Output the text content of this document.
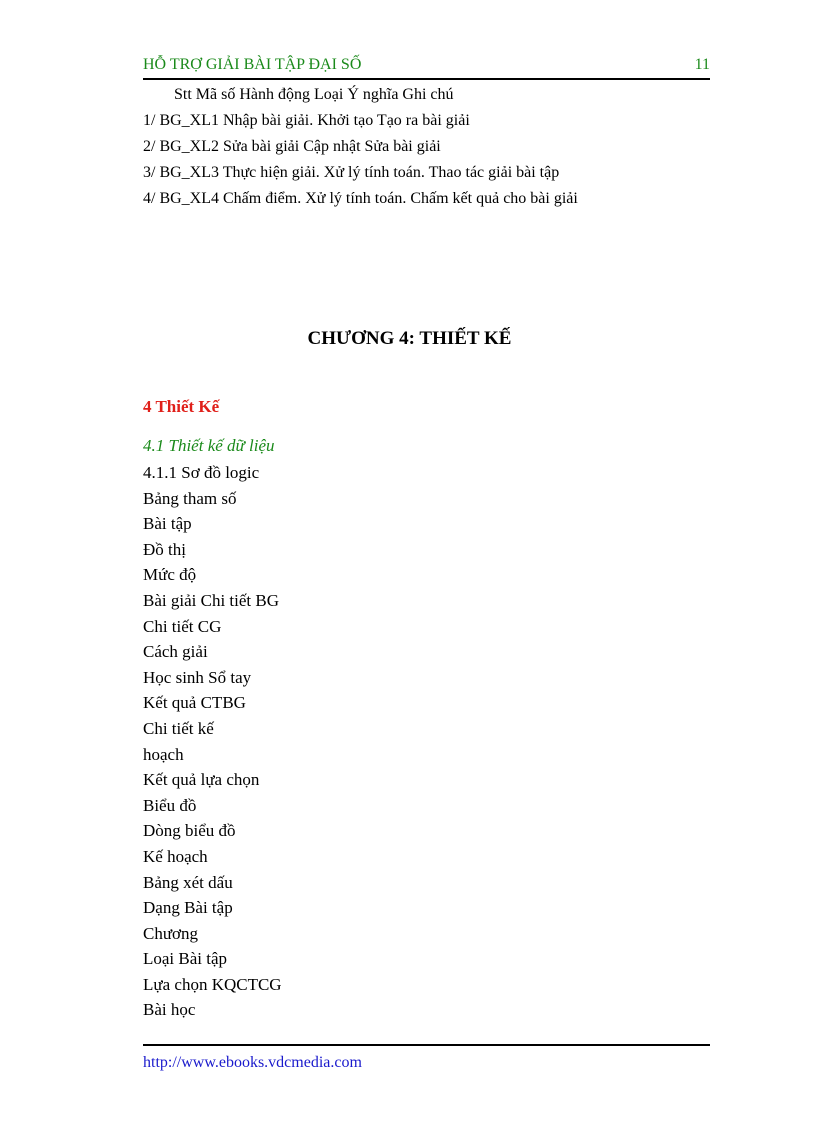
HỖ TRỢ GIẢI BÀI TẬP ĐẠI SỐ	11
Stt Mã số Hành động Loại Ý nghĩa Ghi chú
1/ BG_XL1 Nhập bài giải. Khởi tạo Tạo ra bài giải
2/ BG_XL2 Sửa bài giải Cập nhật Sửa bài giải
3/ BG_XL3 Thực hiện giải. Xử lý tính toán. Thao tác giải bài tập
4/ BG_XL4 Chấm điểm. Xử lý tính toán. Chấm kết quả cho bài giải
CHƯƠNG 4: THIẾT KẾ
4 Thiết Kế
4.1 Thiết kế dữ liệu
4.1.1 Sơ đồ logic
Bảng tham số
Bài tập
Đồ thị
Mức độ
Bài giải Chi tiết BG
Chi tiết CG
Cách giải
Học sinh Sổ tay
Kết quả CTBG
Chi tiết kế
hoạch
Kết quả lựa chọn
Biểu đồ
Dòng biểu đồ
Kế hoạch
Bảng xét dấu
Dạng Bài tập
Chương
Loại Bài tập
Lựa chọn KQCTCG
Bài học
http://www.ebooks.vdcmedia.com
